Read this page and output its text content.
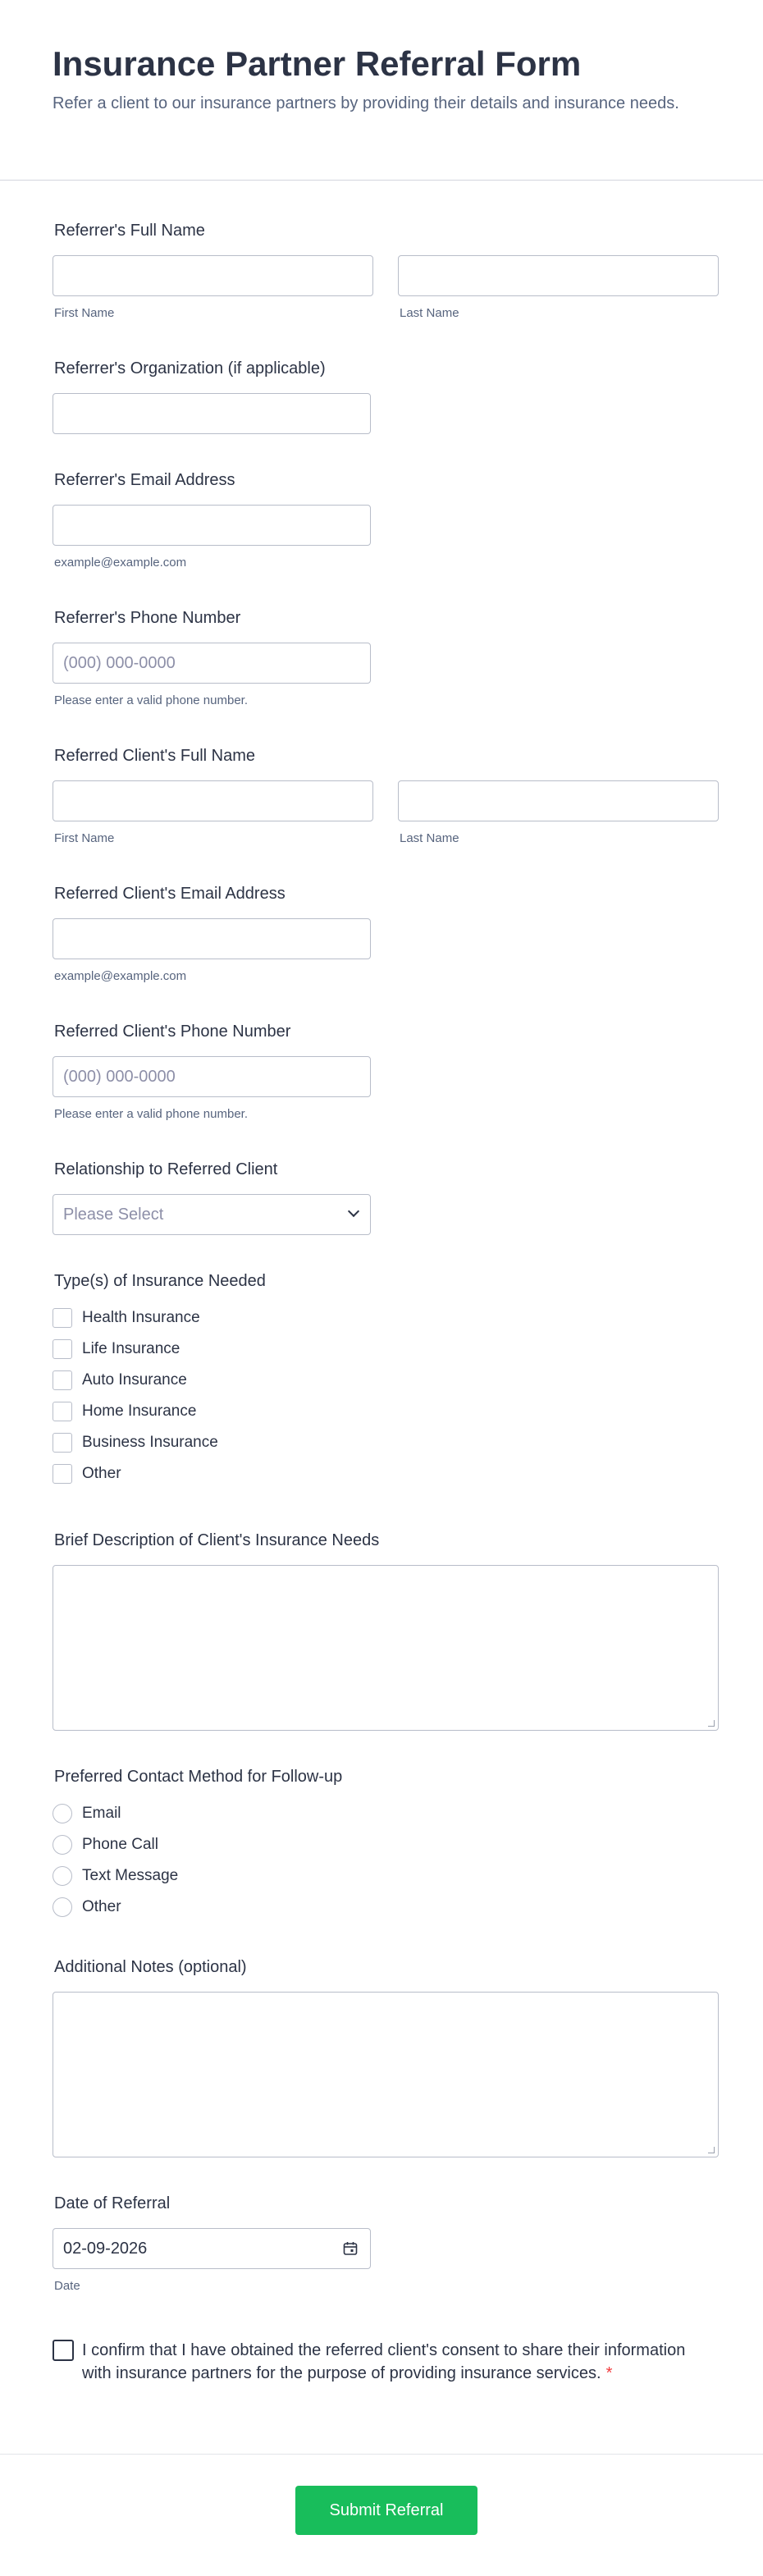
Insurance Partner Referral Form

Refer a client to our insurance partners by providing their details and insurance needs.

Referrer's Full Name
First Name	Last Name
Referrer's Organization (if applicable)
Referrer's Email Address
example@example.com
Referrer's Phone Number
(000) 000-0000
Please enter a valid phone number.
Referred Client's Full Name
First Name	Last Name
Referred Client's Email Address
example@example.com
Referred Client's Phone Number
(000) 000-0000
Please enter a valid phone number.
Relationship to Referred Client
Please Select
Type(s) of Insurance Needed
Health Insurance
Life Insurance
Auto Insurance
Home Insurance
Business Insurance
Other
Brief Description of Client's Insurance Needs
Preferred Contact Method for Follow-up
Email
Phone Call
Text Message
Other
Additional Notes (optional)
Date of Referral
02-09-2026
Date
I confirm that I have obtained the referred client's consent to share their information with insurance partners for the purpose of providing insurance services. *
Submit Referral
